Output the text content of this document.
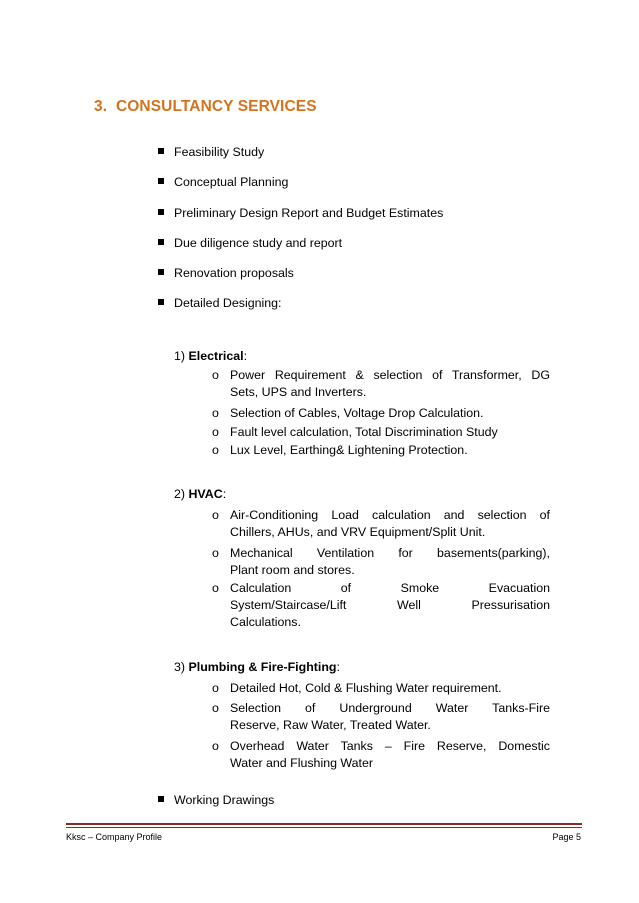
3. CONSULTANCY SERVICES
Feasibility Study
Conceptual Planning
Preliminary Design Report and Budget Estimates
Due diligence study and report
Renovation proposals
Detailed Designing:
1) Electrical:
o Power Requirement & selection of Transformer, DG
Sets, UPS and Inverters.
o Selection of Cables, Voltage Drop Calculation.
o Fault level calculation, Total Discrimination Study
o Lux Level, Earthing& Lightening Protection.
2) HVAC:
o Air-Conditioning Load calculation and selection of
Chillers, AHUs, and VRV Equipment/Split Unit.
o Mechanical Ventilation for basements(parking),
Plant room and stores.
o Calculation of Smoke Evacuation
System/Staircase/Lift Well Pressurisation
Calculations.
3) Plumbing & Fire-Fighting:
o Detailed Hot, Cold & Flushing Water requirement.
o Selection of Underground Water Tanks-Fire
Reserve, Raw Water, Treated Water.
o Overhead Water Tanks – Fire Reserve, Domestic
Water and Flushing Water
Working Drawings
Kksc – Company Profile	Page 5
